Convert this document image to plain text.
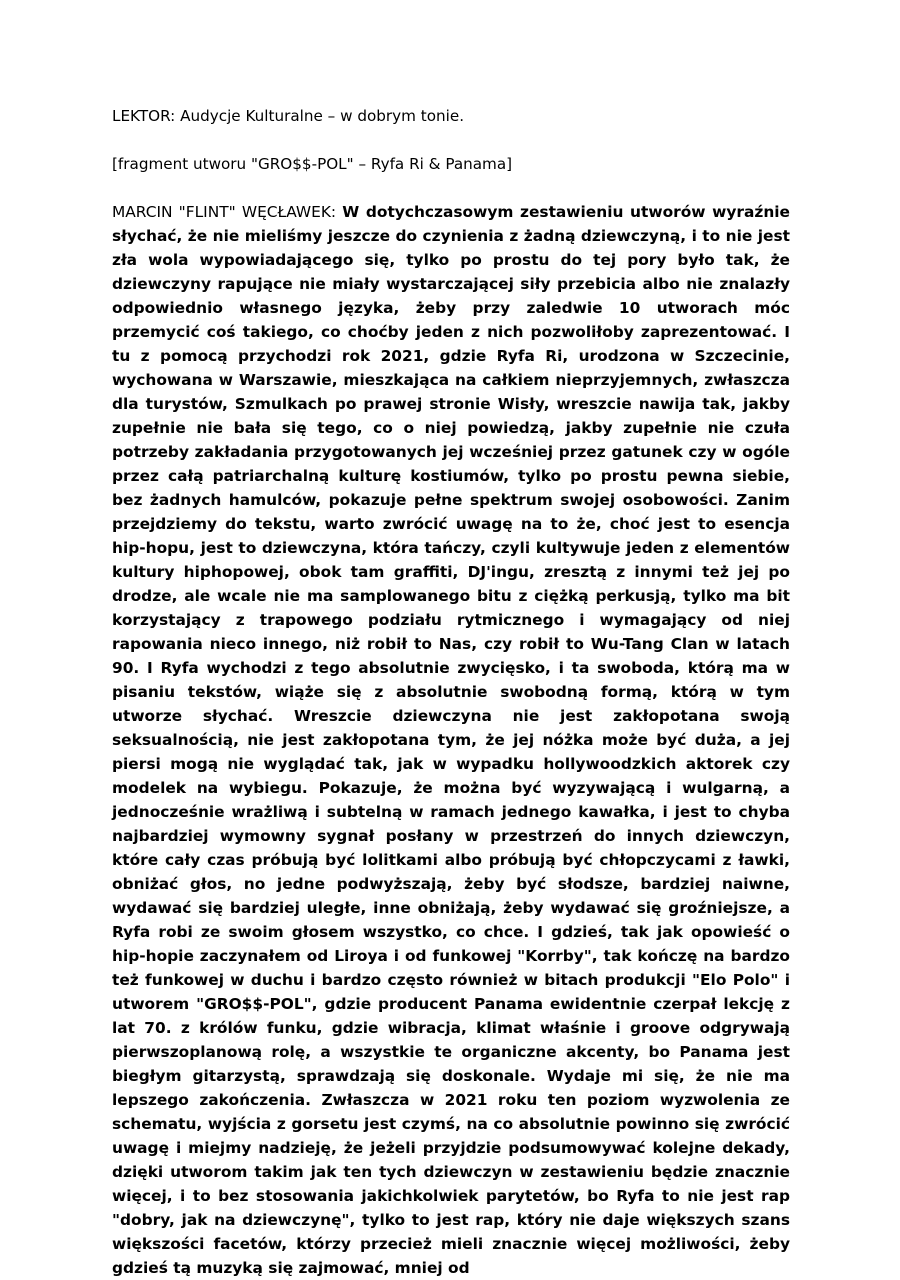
LEKTOR: Audycje Kulturalne – w dobrym tonie.

[fragment utworu "GRO$$-POL" – Ryfa Ri & Panama]

MARCIN "FLINT" WĘCŁAWEK: W dotychczasowym zestawieniu utworów wyraźnie słychać, że nie mieliśmy jeszcze do czynienia z żadną dziewczyną, i to nie jest zła wola wypowiadającego się, tylko po prostu do tej pory było tak, że dziewczyny rapujące nie miały wystarczającej siły przebicia albo nie znalazły odpowiednio własnego języka, żeby przy zaledwie 10 utworach móc przemycić coś takiego, co choćby jeden z nich pozwoliłoby zaprezentować. I tu z pomocą przychodzi rok 2021, gdzie Ryfa Ri, urodzona w Szczecinie, wychowana w Warszawie, mieszkająca na całkiem nieprzyjemnych, zwłaszcza dla turystów, Szmulkach po prawej stronie Wisły, wreszcie nawija tak, jakby zupełnie nie bała się tego, co o niej powiedzą, jakby zupełnie nie czuła potrzeby zakładania przygotowanych jej wcześniej przez gatunek czy w ogóle przez całą patriarchalną kulturę kostiumów, tylko po prostu pewna siebie, bez żadnych hamulców, pokazuje pełne spektrum swojej osobowości. Zanim przejdziemy do tekstu, warto zwrócić uwagę na to że, choć jest to esencja hip-hopu, jest to dziewczyna, która tańczy, czyli kultywuje jeden z elementów kultury hiphopowej, obok tam graffiti, DJ'ingu, zresztą z innymi też jej po drodze, ale wcale nie ma samplowanego bitu z ciężką perkusją, tylko ma bit korzystający z trapowego podziału rytmicznego i wymagający od niej rapowania nieco innego, niż robił to Nas, czy robił to Wu-Tang Clan w latach 90. I Ryfa wychodzi z tego absolutnie zwycięsko, i ta swoboda, którą ma w pisaniu tekstów, wiąże się z absolutnie swobodną formą, którą w tym utworze słychać. Wreszcie dziewczyna nie jest zakłopotana swoją seksualnością, nie jest zakłopotana tym, że jej nóżka może być duża, a jej piersi mogą nie wyglądać tak, jak w wypadku hollywoodzkich aktorek czy modelek na wybiegu. Pokazuje, że można być wyzywającą i wulgarną, a jednocześnie wrażliwą i subtelną w ramach jednego kawałka, i jest to chyba najbardziej wymowny sygnał posłany w przestrzeń do innych dziewczyn, które cały czas próbują być lolitkami albo próbują być chłopczycami z ławki, obniżać głos, no jedne podwyższają, żeby być słodsze, bardziej naiwne, wydawać się bardziej uległe, inne obniżają, żeby wydawać się groźniejsze, a Ryfa robi ze swoim głosem wszystko, co chce. I gdzieś, tak jak opowieść o hip-hopie zaczynałem od Liroya i od funkowej "Korrby", tak kończę na bardzo też funkowej w duchu i bardzo często również w bitach produkcji "Elo Polo" i utworem "GRO$$-POL", gdzie producent Panama ewidentnie czerpał lekcję z lat 70. z królów funku, gdzie wibracja, klimat właśnie i groove odgrywają pierwszoplanową rolę, a wszystkie te organiczne akcenty, bo Panama jest biegłym gitarzystą, sprawdzają się doskonale. Wydaje mi się, że nie ma lepszego zakończenia. Zwłaszcza w 2021 roku ten poziom wyzwolenia ze schematu, wyjścia z gorsetu jest czymś, na co absolutnie powinno się zwrócić uwagę i miejmy nadzieję, że jeżeli przyjdzie podsumowywać kolejne dekady, dzięki utworom takim jak ten tych dziewczyn w zestawieniu będzie znacznie więcej, i to bez stosowania jakichkolwiek parytetów, bo Ryfa to nie jest rap "dobry, jak na dziewczynę", tylko to jest rap, który nie daje większych szans większości facetów, którzy przecież mieli znacznie więcej możliwości, żeby gdzieś tą muzyką się zajmować, mniej od
